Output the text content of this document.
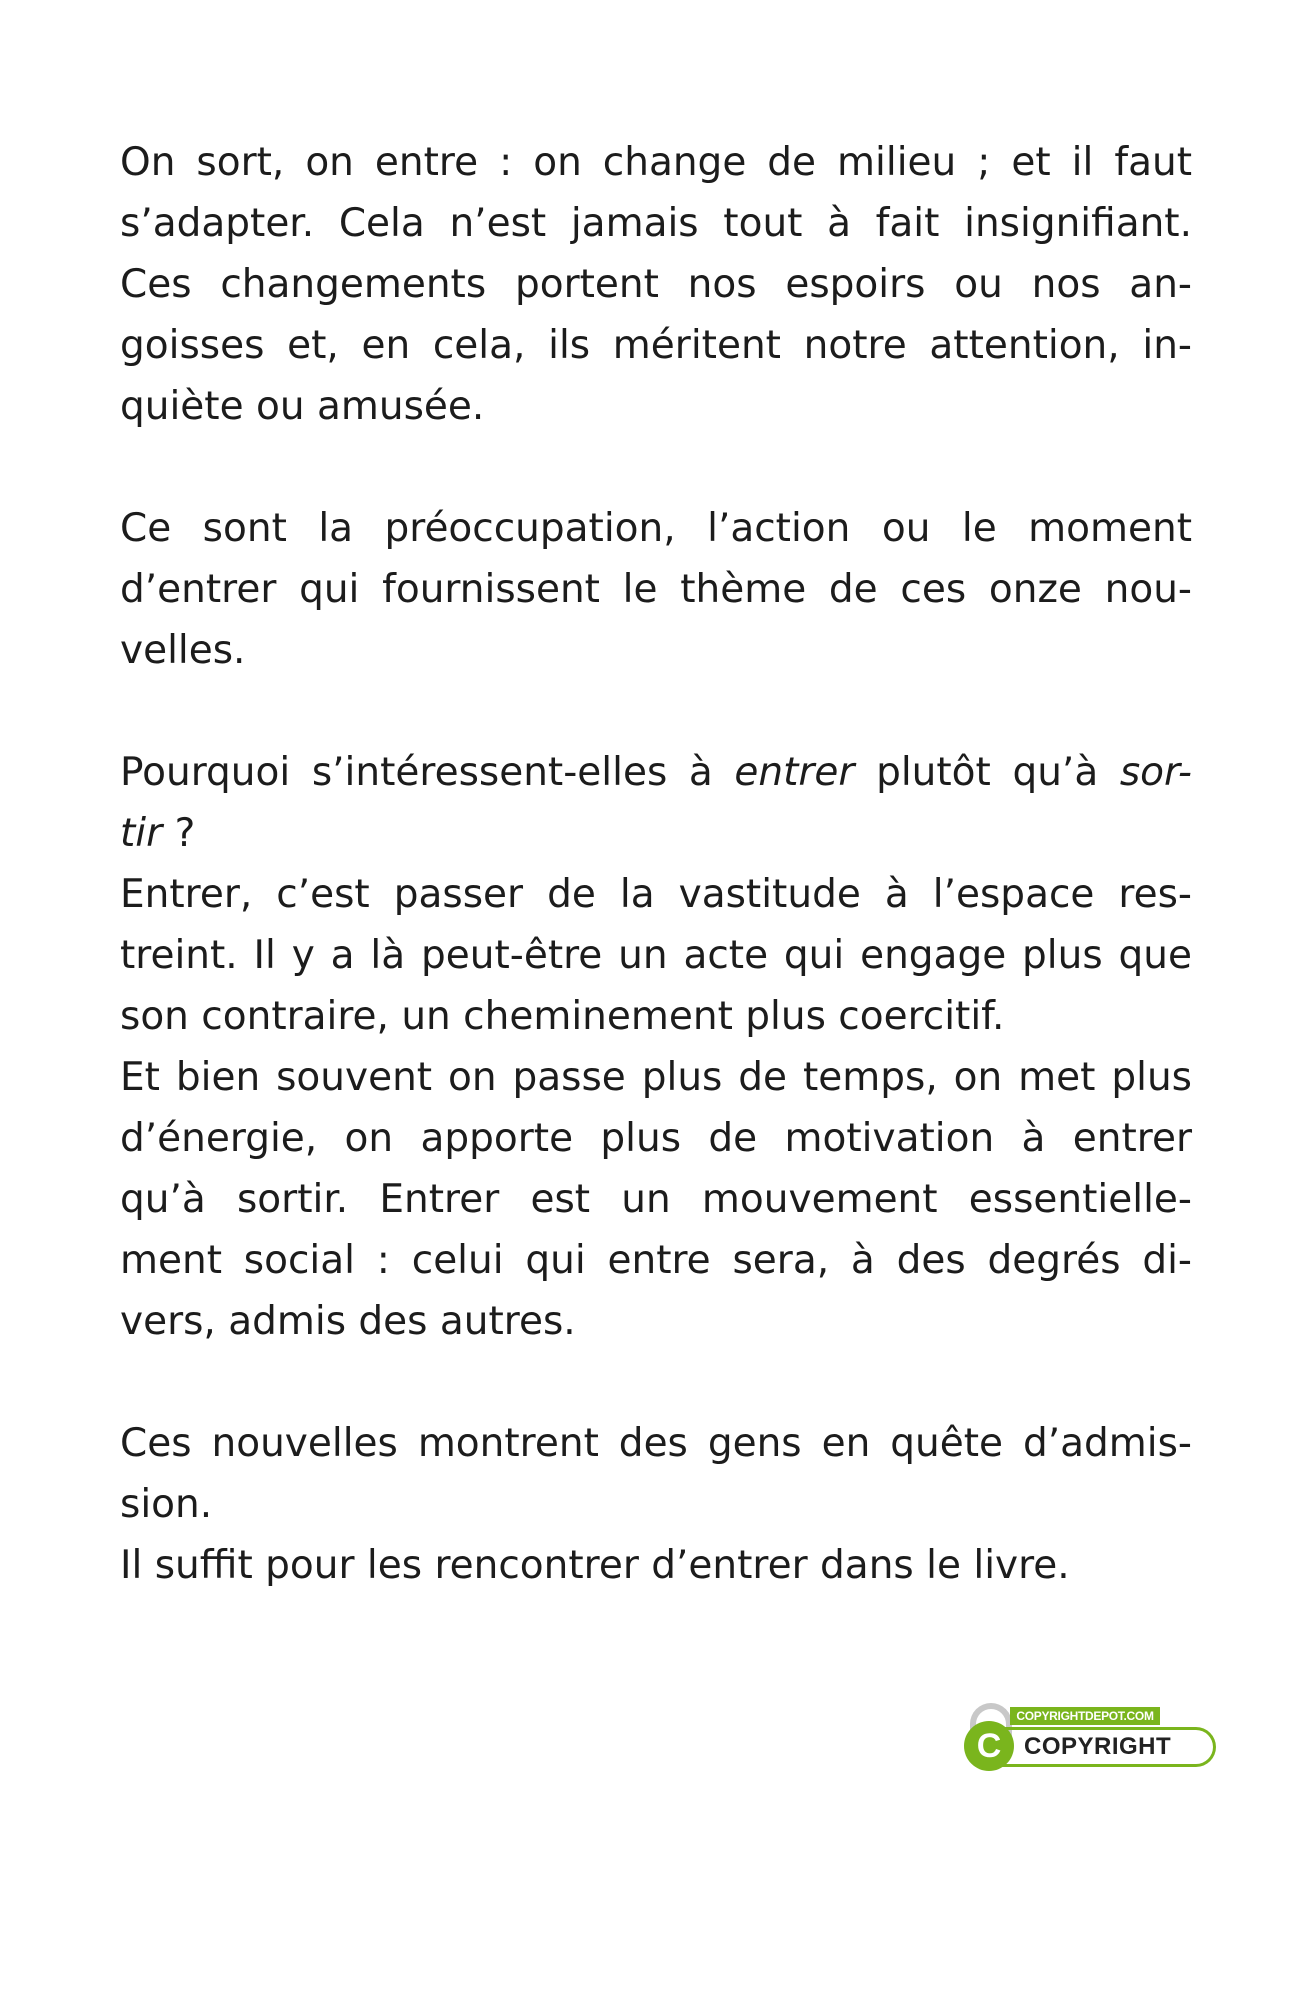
On sort, on entre : on change de milieu ; et il faut
s’adapter. Cela n’est jamais tout à fait insignifiant.
Ces changements portent nos espoirs ou nos an-
goisses et, en cela, ils méritent notre attention, in-
quiète ou amusée.
Ce sont la préoccupation, l’action ou le moment
d’entrer qui fournissent le thème de ces onze nou-
velles.
Pourquoi s’intéressent-elles à entrer plutôt qu’à sor-
tir ?
Entrer, c’est passer de la vastitude à l’espace res-
treint. Il y a là peut-être un acte qui engage plus que
son contraire, un cheminement plus coercitif.
Et bien souvent on passe plus de temps, on met plus
d’énergie, on apporte plus de motivation à entrer
qu’à sortir. Entrer est un mouvement essentielle-
ment social : celui qui entre sera, à des degrés di-
vers, admis des autres.
Ces nouvelles montrent des gens en quête d’admis-
sion.
Il suffit pour les rencontrer d’entrer dans le livre.
COPYRIGHT
COPYRIGHTDEPOT.COM
C
